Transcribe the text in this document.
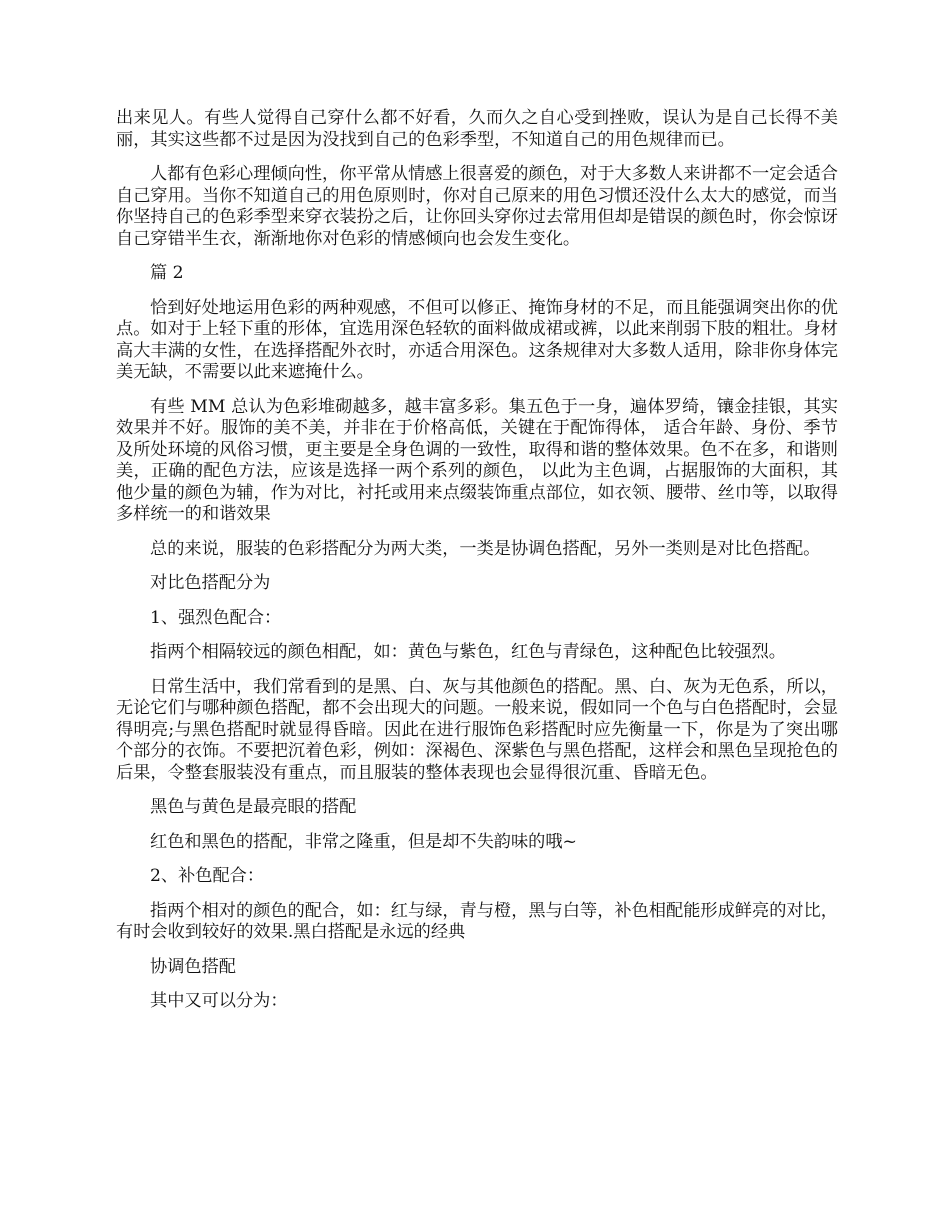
出来见人。有些人觉得自己穿什么都不好看，久而久之自心受到挫败，误认为是自己长得不美丽，其实这些都不过是因为没找到自己的色彩季型，不知道自己的用色规律而已。

人都有色彩心理倾向性，你平常从情感上很喜爱的颜色，对于大多数人来讲都不一定会适合自己穿用。当你不知道自己的用色原则时，你对自己原来的用色习惯还没什么太大的感觉，而当你坚持自己的色彩季型来穿衣装扮之后，让你回头穿你过去常用但却是错误的颜色时，你会惊讶自己穿错半生衣，渐渐地你对色彩的情感倾向也会发生变化。

篇 2

恰到好处地运用色彩的两种观感，不但可以修正、掩饰身材的不足，而且能强调突出你的优点。如对于上轻下重的形体，宜选用深色轻软的面料做成裙或裤，以此来削弱下肢的粗壮。身材高大丰满的女性，在选择搭配外衣时，亦适合用深色。这条规律对大多数人适用，除非你身体完美无缺，不需要以此来遮掩什么。

有些 MM 总认为色彩堆砌越多，越丰富多彩。集五色于一身，遍体罗绮，镶金挂银，其实效果并不好。服饰的美不美，并非在于价格高低，关键在于配饰得体， 适合年龄、身份、季节及所处环境的风俗习惯，更主要是全身色调的一致性，取得和谐的整体效果。色不在多，和谐则美，正确的配色方法，应该是选择一两个系列的颜色， 以此为主色调，占据服饰的大面积，其他少量的颜色为辅，作为对比，衬托或用来点缀装饰重点部位，如衣领、腰带、丝巾等，以取得多样统一的和谐效果

总的来说，服装的色彩搭配分为两大类，一类是协调色搭配，另外一类则是对比色搭配。

对比色搭配分为

1、强烈色配合：

指两个相隔较远的颜色相配，如：黄色与紫色，红色与青绿色，这种配色比较强烈。

日常生活中，我们常看到的是黑、白、灰与其他颜色的搭配。黑、白、灰为无色系，所以，无论它们与哪种颜色搭配，都不会出现大的问题。一般来说，假如同一个色与白色搭配时，会显得明亮;与黑色搭配时就显得昏暗。因此在进行服饰色彩搭配时应先衡量一下，你是为了突出哪个部分的衣饰。不要把沉着色彩，例如：深褐色、深紫色与黑色搭配，这样会和黑色呈现抢色的后果，令整套服装没有重点，而且服装的整体表现也会显得很沉重、昏暗无色。

黑色与黄色是最亮眼的搭配

红色和黑色的搭配，非常之隆重，但是却不失韵味的哦~

2、补色配合：

指两个相对的颜色的配合，如：红与绿，青与橙，黑与白等，补色相配能形成鲜亮的对比，有时会收到较好的效果.黑白搭配是永远的经典

协调色搭配

其中又可以分为：
